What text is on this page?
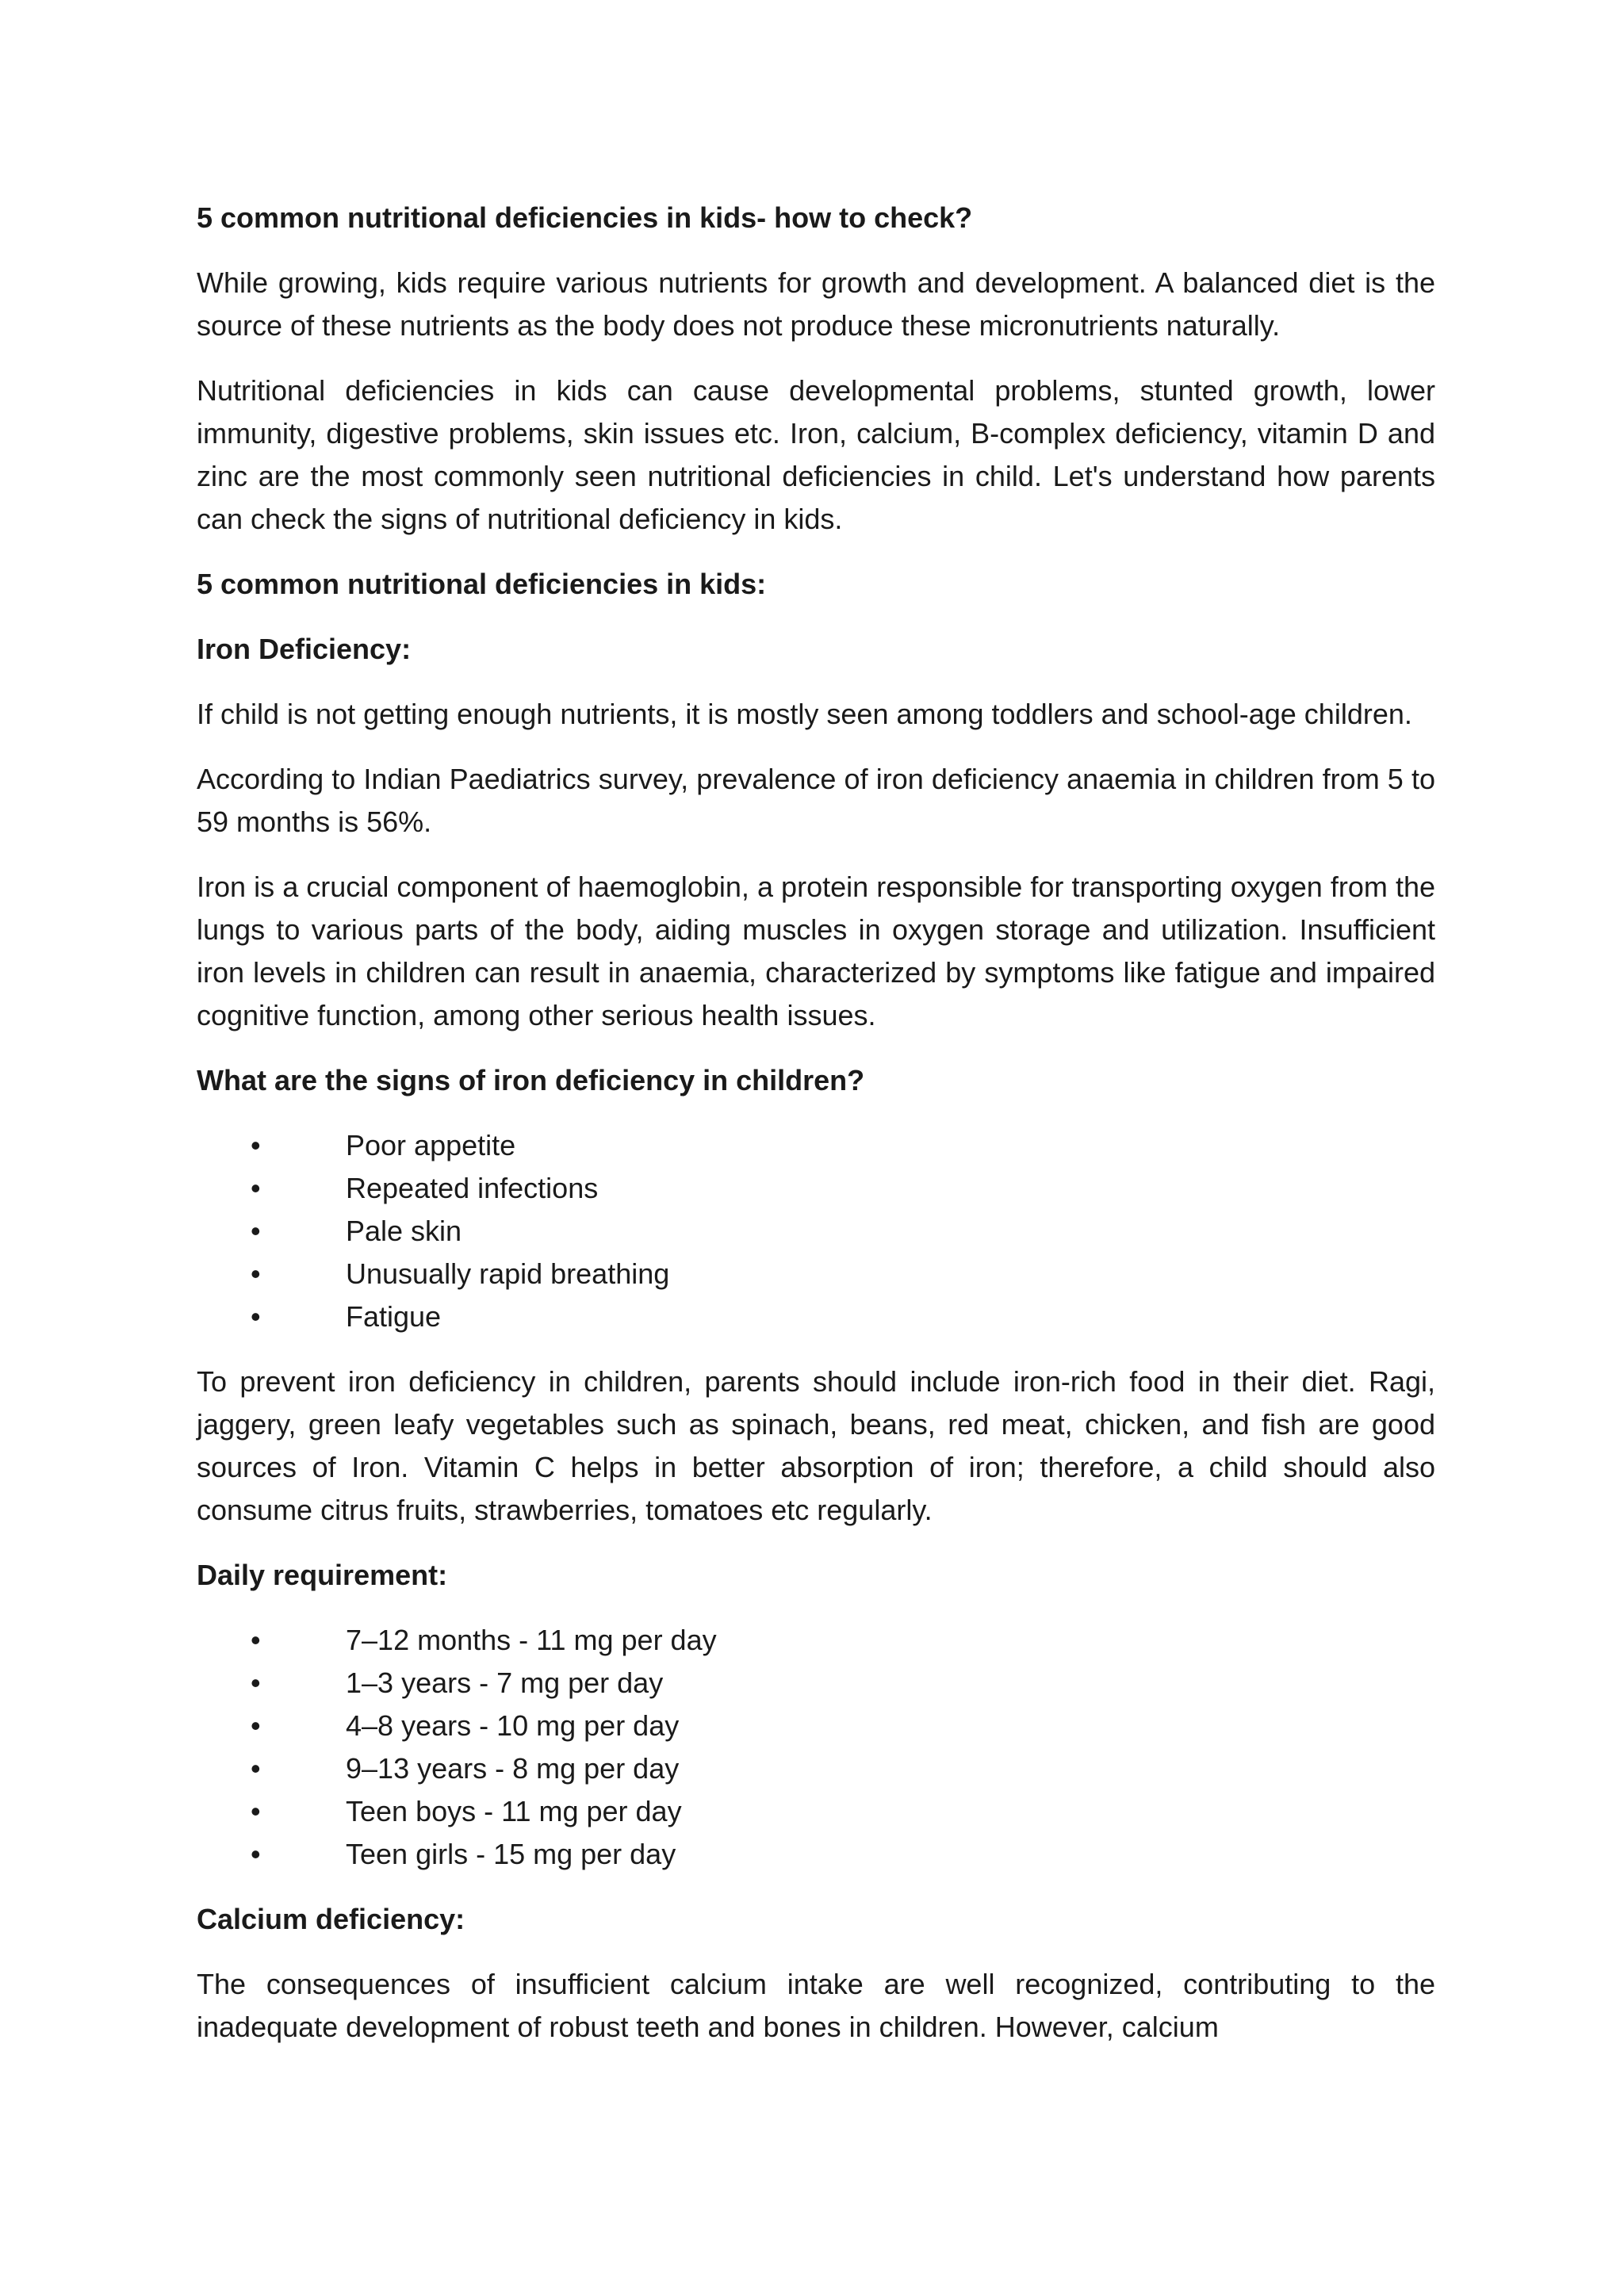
5 common nutritional deficiencies in kids- how to check?

While growing, kids require various nutrients for growth and development. A balanced diet is the source of these nutrients as the body does not produce these micronutrients naturally.

Nutritional deficiencies in kids can cause developmental problems, stunted growth, lower immunity, digestive problems, skin issues etc. Iron, calcium, B-complex deficiency, vitamin D and zinc are the most commonly seen nutritional deficiencies in child. Let's understand how parents can check the signs of nutritional deficiency in kids.

5 common nutritional deficiencies in kids:

Iron Deficiency:

If child is not getting enough nutrients, it is mostly seen among toddlers and school-age children.

According to Indian Paediatrics survey, prevalence of iron deficiency anaemia in children from 5 to 59 months is 56%.

Iron is a crucial component of haemoglobin, a protein responsible for transporting oxygen from the lungs to various parts of the body, aiding muscles in oxygen storage and utilization. Insufficient iron levels in children can result in anaemia, characterized by symptoms like fatigue and impaired cognitive function, among other serious health issues.

What are the signs of iron deficiency in children?

•	Poor appetite
•	Repeated infections
•	Pale skin
•	Unusually rapid breathing
•	Fatigue

To prevent iron deficiency in children, parents should include iron-rich food in their diet. Ragi, jaggery, green leafy vegetables such as spinach, beans, red meat, chicken, and fish are good sources of Iron. Vitamin C helps in better absorption of iron; therefore, a child should also consume citrus fruits, strawberries, tomatoes etc regularly.

Daily requirement:

•	7–12 months - 11 mg per day
•	1–3 years - 7 mg per day
•	4–8 years - 10 mg per day
•	9–13 years - 8 mg per day
•	Teen boys - 11 mg per day
•	Teen girls - 15 mg per day

Calcium deficiency:

The consequences of insufficient calcium intake are well recognized, contributing to the inadequate development of robust teeth and bones in children. However, calcium
